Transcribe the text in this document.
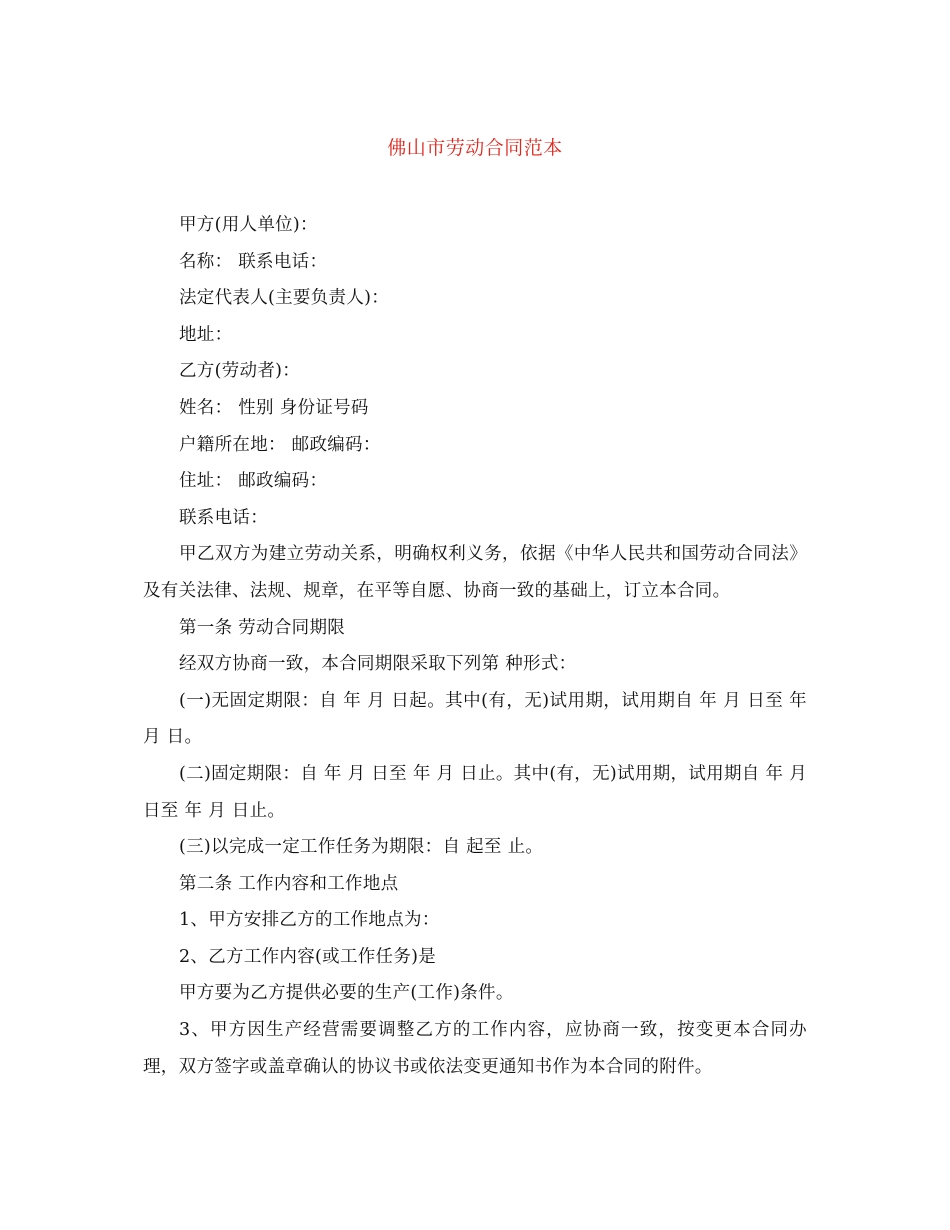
佛山市劳动合同范本

甲方(用人单位)：

名称： 联系电话：

法定代表人(主要负责人)：

地址：

乙方(劳动者)：

姓名： 性别 身份证号码

户籍所在地： 邮政编码：

住址： 邮政编码：

联系电话：

甲乙双方为建立劳动关系，明确权利义务，依据《中华人民共和国劳动合同法》及有关法律、法规、规章，在平等自愿、协商一致的基础上，订立本合同。

第一条 劳动合同期限

经双方协商一致，本合同期限采取下列第 种形式：

(一)无固定期限：自 年 月 日起。其中(有，无)试用期，试用期自 年 月 日至 年 月 日。

(二)固定期限：自 年 月 日至 年 月 日止。其中(有，无)试用期，试用期自 年 月 日至 年 月 日止。

(三)以完成一定工作任务为期限：自 起至 止。

第二条 工作内容和工作地点

1、甲方安排乙方的工作地点为：

2、乙方工作内容(或工作任务)是

甲方要为乙方提供必要的生产(工作)条件。

3、甲方因生产经营需要调整乙方的工作内容，应协商一致，按变更本合同办理，双方签字或盖章确认的协议书或依法变更通知书作为本合同的附件。
